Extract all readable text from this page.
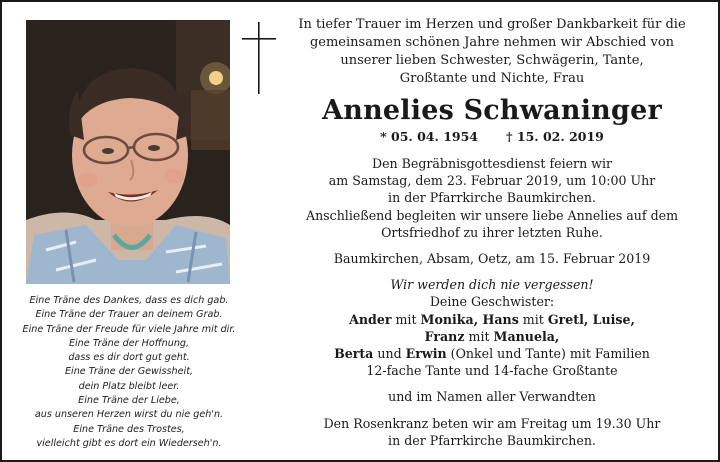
Eine Träne des Dankes, dass es dich gab.
Eine Träne der Trauer an deinem Grab.
Eine Träne der Freude für viele Jahre mit dir.
Eine Träne der Hoffnung,
dass es dir dort gut geht.
Eine Träne der Gewissheit,
dein Platz bleibt leer.
Eine Träne der Liebe,
aus unseren Herzen wirst du nie geh'n.
Eine Träne des Trostes,
vielleicht gibt es dort ein Wiederseh'n.
In tiefer Trauer im Herzen und großer Dankbarkeit für die
gemeinsamen schönen Jahre nehmen wir Abschied von
unserer lieben Schwester, Schwägerin, Tante,
Großtante und Nichte, Frau
Annelies Schwaninger
* 05. 04. 1954 † 15. 02. 2019
Den Begräbnisgottesdienst feiern wir
am Samstag, dem 23. Februar 2019, um 10:00 Uhr
in der Pfarrkirche Baumkirchen.
Anschließend begleiten wir unsere liebe Annelies auf dem
Ortsfriedhof zu ihrer letzten Ruhe.
Baumkirchen, Absam, Oetz, am 15. Februar 2019
Wir werden dich nie vergessen!
Deine Geschwister:
Ander mit Monika, Hans mit Gretl, Luise,
Franz mit Manuela,
Berta und Erwin (Onkel und Tante) mit Familien
12-fache Tante und 14-fache Großtante
und im Namen aller Verwandten
Den Rosenkranz beten wir am Freitag um 19.30 Uhr
in der Pfarrkirche Baumkirchen.
